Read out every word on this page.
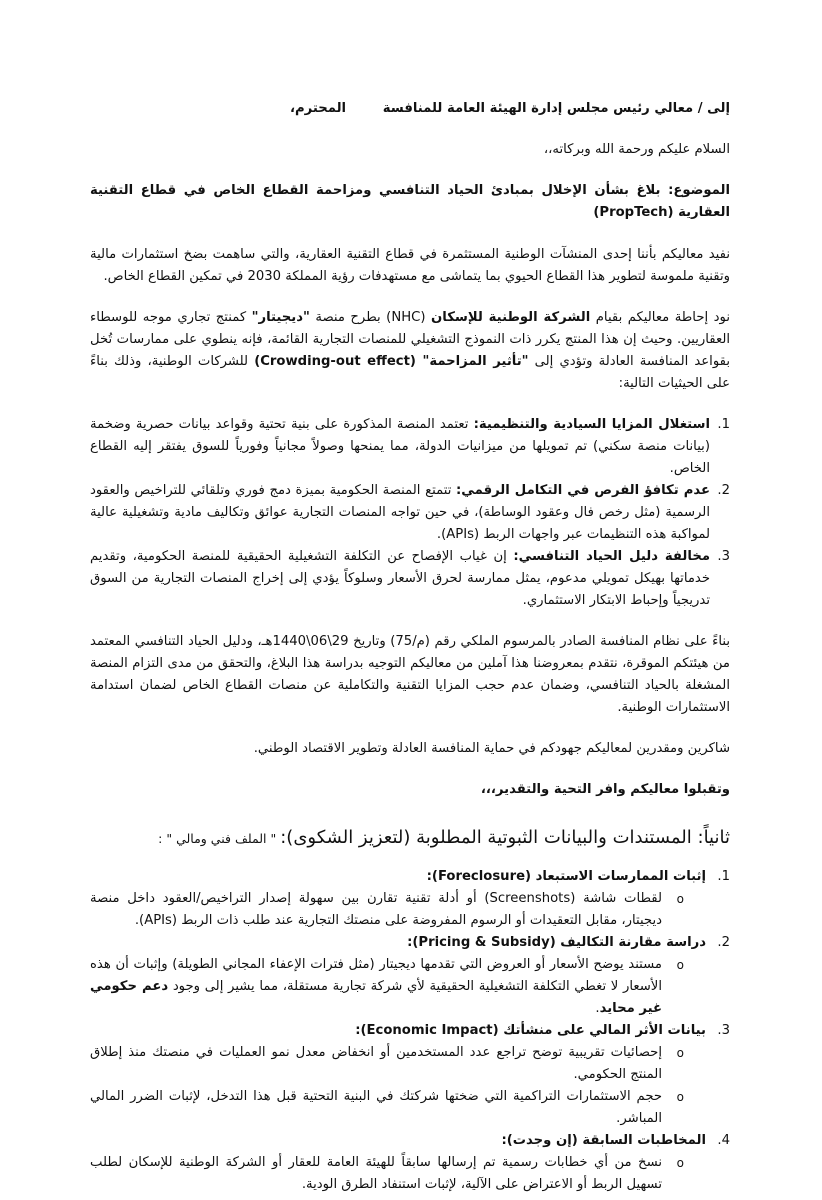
إلى / معالي رئيس مجلس إدارة الهيئة العامة للمنافسة
المحترم،

السلام عليكم ورحمة الله وبركاته،،

الموضوع: بلاغ بشأن الإخلال بمبادئ الحياد التنافسي ومزاحمة القطاع الخاص في قطاع التقنية العقارية (PropTech)

نفيد معاليكم بأننا إحدى المنشآت الوطنية المستثمرة في قطاع التقنية العقارية، والتي ساهمت بضخ استثمارات مالية وتقنية ملموسة لتطوير هذا القطاع الحيوي بما يتماشى مع مستهدفات رؤية المملكة 2030 في تمكين القطاع الخاص.

نود إحاطة معاليكم بقيام الشركة الوطنية للإسكان (NHC) بطرح منصة "ديجيتار" كمنتج تجاري موجه للوسطاء العقاريين. وحيث إن هذا المنتج يكرر ذات النموذج التشغيلي للمنصات التجارية القائمة، فإنه ينطوي على ممارسات تُخل بقواعد المنافسة العادلة وتؤدي إلى "تأثير المزاحمة" (Crowding-out effect) للشركات الوطنية، وذلك بناءً على الحيثيات التالية:

1.
استغلال المزايا السيادية والتنظيمية: تعتمد المنصة المذكورة على بنية تحتية وقواعد بيانات حصرية وضخمة (بيانات منصة سكني) تم تمويلها من ميزانيات الدولة، مما يمنحها وصولاً مجانياً وفورياً للسوق يفتقر إليه القطاع الخاص.
2.
عدم تكافؤ الفرص في التكامل الرقمي: تتمتع المنصة الحكومية بميزة دمج فوري وتلقائي للتراخيص والعقود الرسمية (مثل رخص فال وعقود الوساطة)، في حين تواجه المنصات التجارية عوائق وتكاليف مادية وتشغيلية عالية لمواكبة هذه التنظيمات عبر واجهات الربط (APIs).
3.
مخالفة دليل الحياد التنافسي: إن غياب الإفصاح عن التكلفة التشغيلية الحقيقية للمنصة الحكومية، وتقديم خدماتها بهيكل تمويلي مدعوم، يمثل ممارسة لحرق الأسعار وسلوكاً يؤدي إلى إخراج المنصات التجارية من السوق تدريجياً وإحباط الابتكار الاستثماري.

بناءً على نظام المنافسة الصادر بالمرسوم الملكي رقم (م/75) وتاريخ 29\06\1440هـ، ودليل الحياد التنافسي المعتمد من هيئتكم الموقرة، نتقدم بمعروضنا هذا آملين من معاليكم التوجيه بدراسة هذا البلاغ، والتحقق من مدى التزام المنصة المشغلة بالحياد التنافسي، وضمان عدم حجب المزايا التقنية والتكاملية عن منصات القطاع الخاص لضمان استدامة الاستثمارات الوطنية.

شاكرين ومقدرين لمعاليكم جهودكم في حماية المنافسة العادلة وتطوير الاقتصاد الوطني.

وتقبلوا معاليكم وافر التحية والتقدير،،،

ثانياً: المستندات والبيانات الثبوتية المطلوبة (لتعزيز الشكوى): " الملف فني ومالي " :

1.
إثبات الممارسات الاستبعاد (Foreclosure):
o
لقطات شاشة (Screenshots) أو أدلة تقنية تقارن بين سهولة إصدار التراخيص/العقود داخل منصة ديجيتار، مقابل التعقيدات أو الرسوم المفروضة على منصتك التجارية عند طلب ذات الربط (APIs).
2.
دراسة مقارنة التكاليف (Pricing & Subsidy):
o
مستند يوضح الأسعار أو العروض التي تقدمها ديجيتار (مثل فترات الإعفاء المجاني الطويلة) وإثبات أن هذه الأسعار لا تغطي التكلفة التشغيلية الحقيقية لأي شركة تجارية مستقلة، مما يشير إلى وجود دعم حكومي غير محايد.
3.
بيانات الأثر المالي على منشأتك (Economic Impact):
o
إحصائيات تقريبية توضح تراجع عدد المستخدمين أو انخفاض معدل نمو العمليات في منصتك منذ إطلاق المنتج الحكومي.
o
حجم الاستثمارات التراكمية التي ضختها شركتك في البنية التحتية قبل هذا التدخل، لإثبات الضرر المالي المباشر.
4.
المخاطبات السابقة (إن وجدت):
o
نسخ من أي خطابات رسمية تم إرسالها سابقاً للهيئة العامة للعقار أو الشركة الوطنية للإسكان لطلب تسهيل الربط أو الاعتراض على الآلية، لإثبات استنفاد الطرق الودية.
